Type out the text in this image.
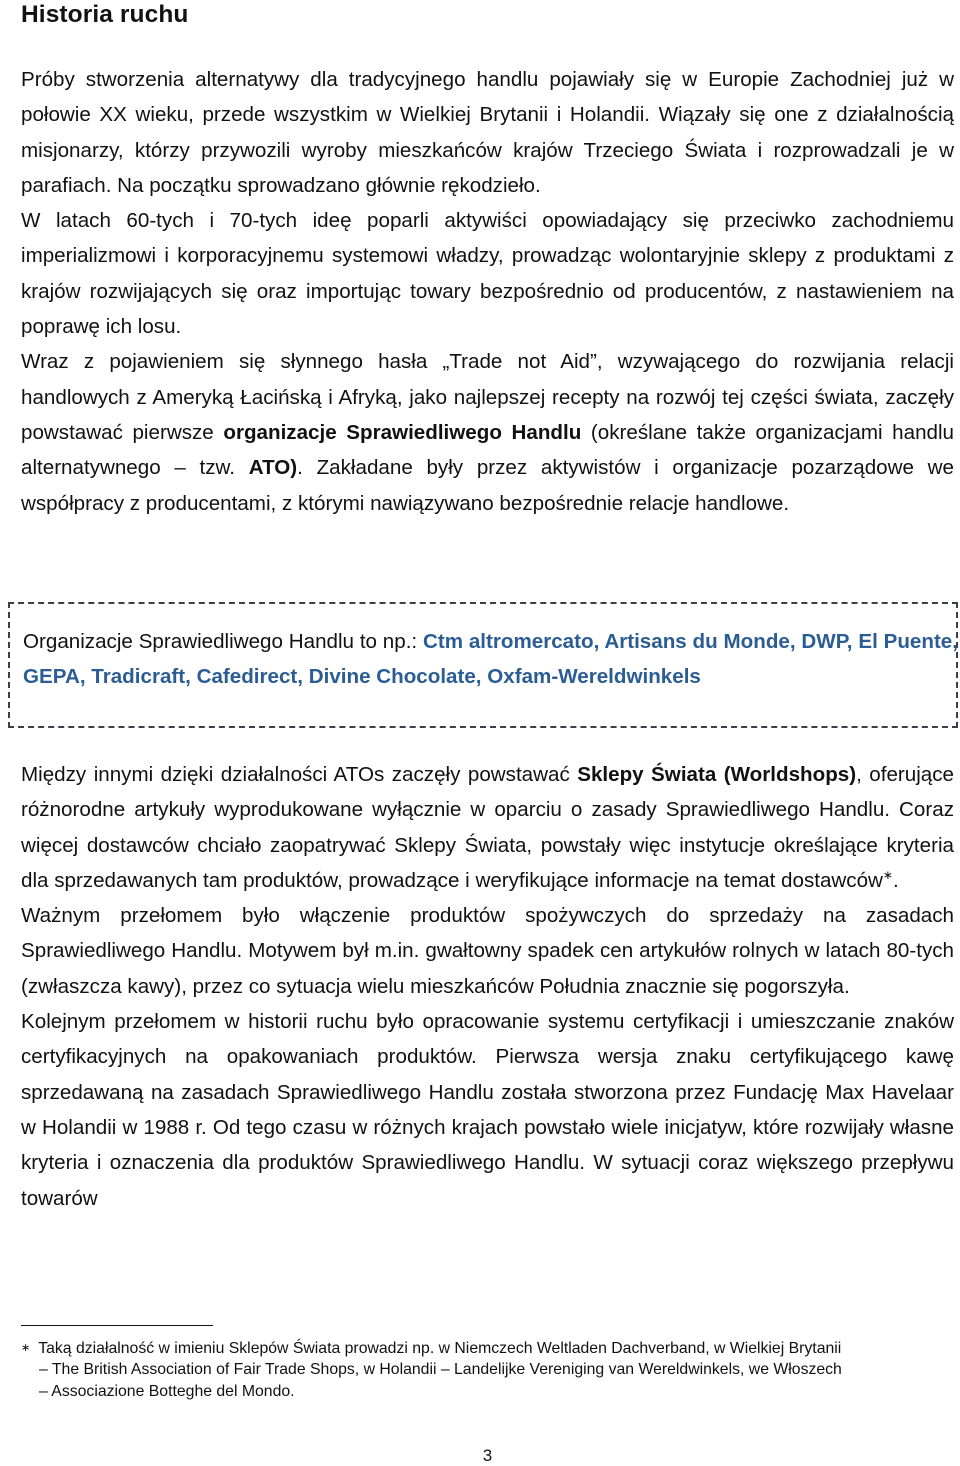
Historia ruchu

Próby stworzenia alternatywy dla tradycyjnego handlu pojawiały się w Europie Zachodniej już w połowie XX wieku, przede wszystkim w Wielkiej Brytanii i Holandii. Wiązały się one z działalnością misjonarzy, którzy przywozili wyroby mieszkańców krajów Trzeciego Świata i rozprowadzali je w parafiach. Na początku sprowadzano głównie rękodzieło.

W latach 60-tych i 70-tych ideę poparli aktywiści opowiadający się przeciwko zachodniemu imperializmowi i korporacyjnemu systemowi władzy, prowadząc wolontaryjnie sklepy z produktami z krajów rozwijających się oraz importując towary bezpośrednio od producentów, z nastawieniem na poprawę ich losu.

Wraz z pojawieniem się słynnego hasła „Trade not Aid”, wzywającego do rozwijania relacji handlowych z Ameryką Łacińską i Afryką, jako najlepszej recepty na rozwój tej części świata, zaczęły powstawać pierwsze organizacje Sprawiedliwego Handlu (określane także organizacjami handlu alternatywnego – tzw. ATO). Zakładane były przez aktywistów i organizacje pozarządowe we współpracy z producentami, z którymi nawiązywano bezpośrednie relacje handlowe.

Organizacje Sprawiedliwego Handlu to np.: Ctm altromercato, Artisans du Monde, DWP, El Puente, GEPA, Tradicraft, Cafedirect, Divine Chocolate, Oxfam-Wereldwinkels

Między innymi dzięki działalności ATOs zaczęły powstawać Sklepy Świata (Worldshops), oferujące różnorodne artykuły wyprodukowane wyłącznie w oparciu o zasady Sprawiedliwego Handlu. Coraz więcej dostawców chciało zaopatrywać Sklepy Świata, powstały więc instytucje określające kryteria dla sprzedawanych tam produktów, prowadzące i weryfikujące informacje na temat dostawców∗.

Ważnym przełomem było włączenie produktów spożywczych do sprzedaży na zasadach Sprawiedliwego Handlu. Motywem był m.in. gwałtowny spadek cen artykułów rolnych w latach 80-tych (zwłaszcza kawy), przez co sytuacja wielu mieszkańców Południa znacznie się pogorszyła.

Kolejnym przełomem w historii ruchu było opracowanie systemu certyfikacji i umieszczanie znaków certyfikacyjnych na opakowaniach produktów. Pierwsza wersja znaku certyfikującego kawę sprzedawaną na zasadach Sprawiedliwego Handlu została stworzona przez Fundację Max Havelaar w Holandii w 1988 r. Od tego czasu w różnych krajach powstało wiele inicjatyw, które rozwijały własne kryteria i oznaczenia dla produktów Sprawiedliwego Handlu. W sytuacji coraz większego przepływu towarów

∗ Taką działalność w imieniu Sklepów Świata prowadzi np. w Niemczech Weltladen Dachverband, w Wielkiej Brytanii
– The British Association of Fair Trade Shops, w Holandii – Landelijke Vereniging van Wereldwinkels, we Włoszech
– Associazione Botteghe del Mondo.
3
